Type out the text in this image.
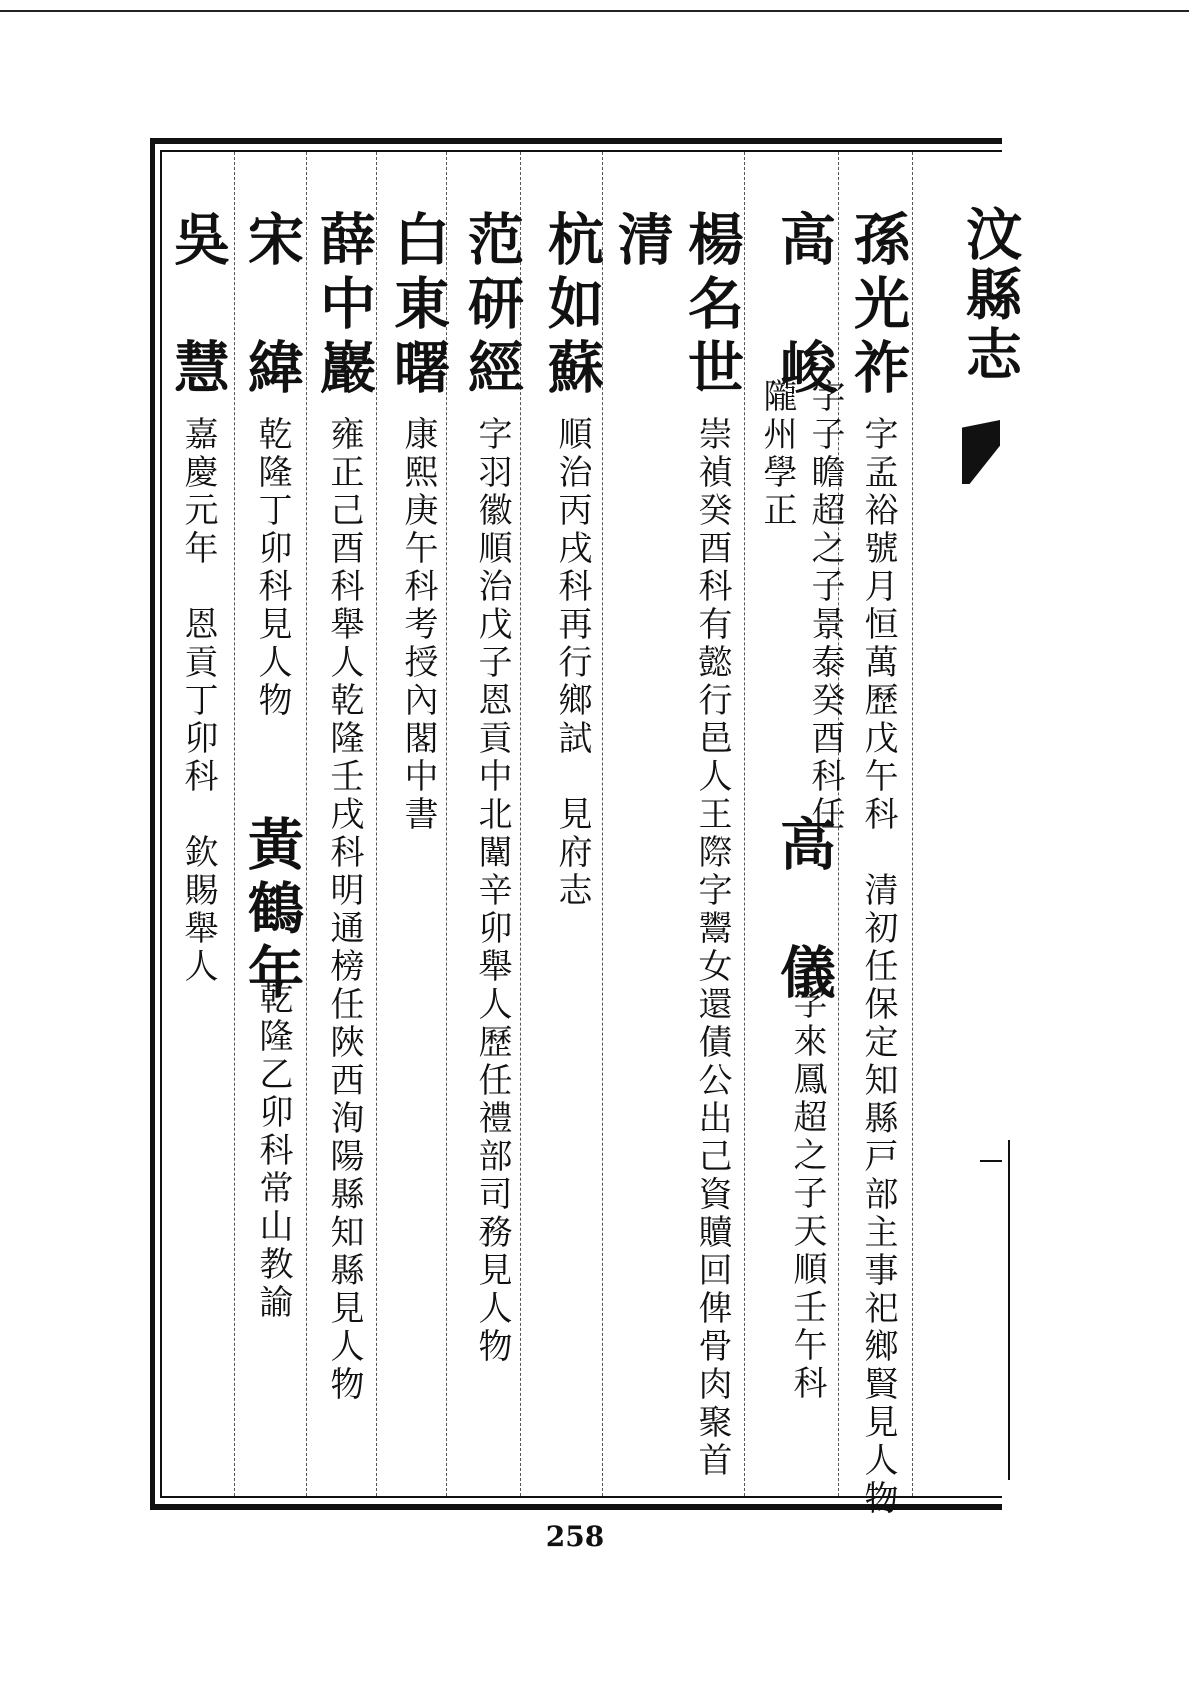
汶縣志
孫光祚字孟裕號月恒萬歷戊午科　清初任保定知縣戸部主事祀鄉賢見人物
高　峻
字子瞻超之子景泰癸酉科任
隴州學正
高　儀
字來鳳超之子天順壬午科
楊名世崇禎癸酉科有懿行邑人王際字鬻女還債公出己資贖回俾骨肉聚首
清
杭如蘇順治丙戌科再行鄉試　見府志
范研經字羽徽順治戊子恩貢中北闈辛卯舉人歷任禮部司務見人物
白東曙康熙庚午科考授內閣中書
薛中巖雍正己酉科舉人乾隆壬戌科明通榜任陜西洵陽縣知縣見人物
宋　緯乾隆丁卯科見人物
黃鶴年
乾隆乙卯科常山教諭
吳　慧嘉慶元年　恩貢丁卯科　欽賜舉人
258
